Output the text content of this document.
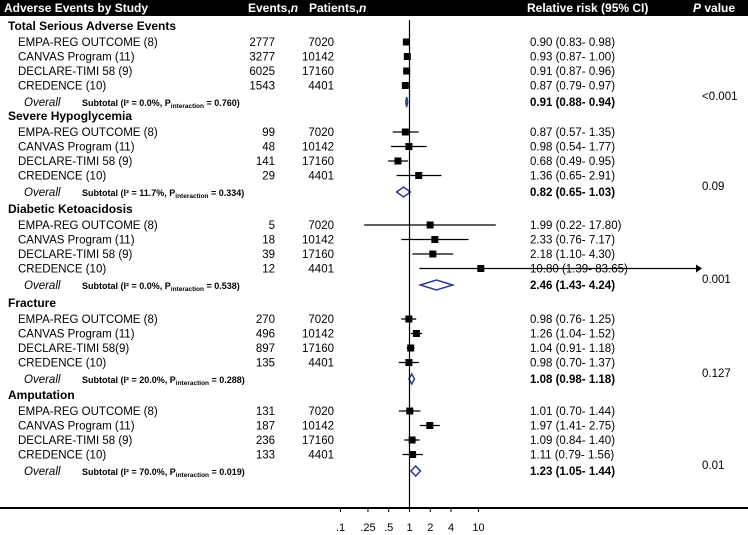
Adverse Events by Study	Events,n Patients,n	Relative risk (95% CI)	P value
Total Serious Adverse Events
EMPA-REG OUTCOME (8)	2777	7020	0.90 (0.83- 0.98)
CANVAS Program (11)	3277 10142	0.93 (0.87- 1.00)
DECLARE-TIMI 58 (9)	6025 17160	0.91 (0.87- 0.96)
CREDENCE (10)	1543	4401	0.87 (0.79- 0.97)
Overall Subtotal (I² = 0.0%, $P_{interaction} = 0.760$)	0.91 (0.88- 0.94)	<0.001
Severe Hypoglycemia
EMPA-REG OUTCOME (8)	99	7020	0.87 (0.57- 1.35)
CANVAS Program (11)	48 10142	0.98 (0.54- 1.77)
DECLARE-TIMI 58 (9)	141 17160	0.68 (0.49- 0.95)
CREDENCE (10)	29	4401	1.36 (0.65- 2.91)
Overall Subtotal (I² = 11.7%, $P_{interaction} = 0.334$)	0.82 (0.65- 1.03)	0.09
Diabetic Ketoacidosis
EMPA-REG OUTCOME (8)	5	7020	1.99 (0.22- 17.80)
CANVAS Program (11)	18 10142	2.33 (0.76- 7.17)
DECLARE-TIMI 58 (9)	39 17160	2.18 (1.10- 4.30)
CREDENCE (10)	12	4401	10.80 (1.39- 83.65)
Overall Subtotal (I² = 0.0%, $P_{interaction} = 0.538$)	2.46 (1.43- 4.24)	0.001
Fracture
EMPA-REG OUTCOME (8)	270	7020	0.98 (0.76- 1.25)
CANVAS Program (11)	496 10142	1.26 (1.04- 1.52)
DECLARE-TIMI 58(9)	897 17160	1.04 (0.91- 1.18)
CREDENCE (10)	135	4401	0.98 (0.70- 1.37)
Overall Subtotal (I² = 20.0%, $P_{interaction} = 0.288$)	1.08 (0.98- 1.18)	0.127
Amputation
EMPA-REG OUTCOME (8)	131	7020	1.01 (0.70- 1.44)
CANVAS Program (11)	187 10142	1.97 (1.41- 2.75)
DECLARE-TIMI 58 (9)	236 17160	1.09 (0.84- 1.40)
CREDENCE (10)	133	4401	1.11 (0.79- 1.56)
Overall Subtotal (I² = 70.0%, $P_{interaction} = 0.019$)	1.23 (1.05- 1.44)	0.01
.1 .25 .5 1 2 4 10
